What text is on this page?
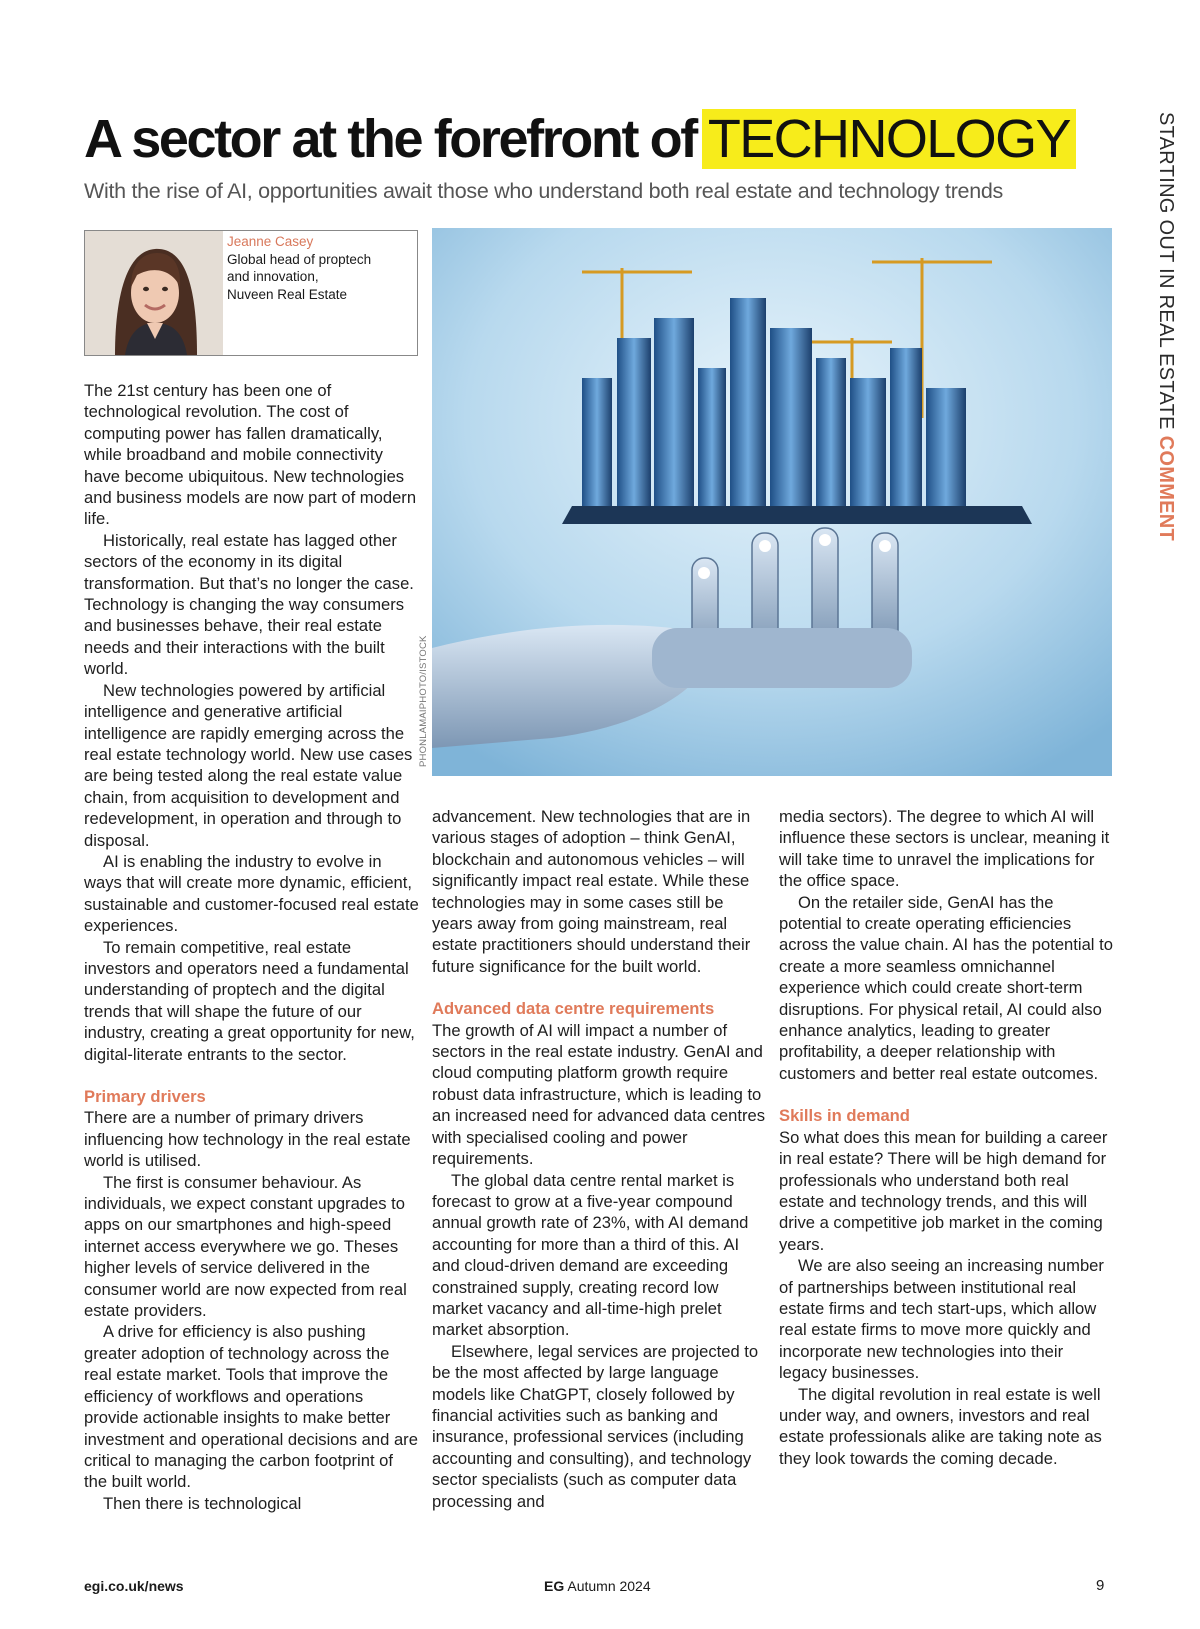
A sector at the forefront of TECHNOLOGY
With the rise of AI, opportunities await those who understand both real estate and technology trends	STARTING OUT IN REAL ESTATE COMMENT
Jeanne Casey
Global head of proptech
and innovation,
Nuveen Real Estate
PHONLAMAIPHOTO/ISTOCK

The 21st century has been one of technological revolution. The cost of computing power has fallen dramatically, while broadband and mobile connectivity have become ubiquitous. New technologies and business models are now part of modern life.

Historically, real estate has lagged other sectors of the economy in its digital transformation. But that’s no longer the case. Technology is changing the way consumers and businesses behave, their real estate needs and their interactions with the built world.

New technologies powered by artificial intelligence and generative artificial intelligence are rapidly emerging across the real estate technology world. New use cases are being tested along the real estate value chain, from acquisition to development and redevelopment, in operation and through to disposal.

AI is enabling the industry to evolve in ways that will create more dynamic, efficient, sustainable and customer-focused real estate experiences.

To remain competitive, real estate investors and operators need a fundamental understanding of proptech and the digital trends that will shape the future of our industry, creating a great opportunity for new, digital-literate entrants to the sector.

Primary drivers

There are a number of primary drivers influencing how technology in the real estate world is utilised.

The first is consumer behaviour. As individuals, we expect constant upgrades to apps on our smartphones and high-speed internet access everywhere we go. Theses higher levels of service delivered in the consumer world are now expected from real estate providers.

A drive for efficiency is also pushing greater adoption of technology across the real estate market. Tools that improve the efficiency of workflows and operations provide actionable insights to make better investment and operational decisions and are critical to managing the carbon footprint of the built world.

Then there is technological

advancement. New technologies that are in various stages of adoption – think GenAI, blockchain and autonomous vehicles – will significantly impact real estate. While these technologies may in some cases still be years away from going mainstream, real estate practitioners should understand their future significance for the built world.

Advanced data centre requirements

The growth of AI will impact a number of sectors in the real estate industry. GenAI and cloud computing platform growth require robust data infrastructure, which is leading to an increased need for advanced data centres with specialised cooling and power requirements.

The global data centre rental market is forecast to grow at a five-year compound annual growth rate of 23%, with AI demand accounting for more than a third of this. AI and cloud-driven demand are exceeding constrained supply, creating record low market vacancy and all-time-high prelet market absorption.

Elsewhere, legal services are projected to be the most affected by large language models like ChatGPT, closely followed by financial activities such as banking and insurance, professional services (including accounting and consulting), and technology sector specialists (such as computer data processing and

media sectors). The degree to which AI will influence these sectors is unclear, meaning it will take time to unravel the implications for the office space.

On the retailer side, GenAI has the potential to create operating efficiencies across the value chain. AI has the potential to create a more seamless omnichannel experience which could create short-term disruptions. For physical retail, AI could also enhance analytics, leading to greater profitability, a deeper relationship with customers and better real estate outcomes.

Skills in demand

So what does this mean for building a career in real estate? There will be high demand for professionals who understand both real estate and technology trends, and this will drive a competitive job market in the coming years.

We are also seeing an increasing number of partnerships between institutional real estate firms and tech start-ups, which allow real estate firms to move more quickly and incorporate new technologies into their legacy businesses.

The digital revolution in real estate is well under way, and owners, investors and real estate professionals alike are taking note as they look towards the coming decade.

egi.co.uk/news	EG Autumn 2024	9
